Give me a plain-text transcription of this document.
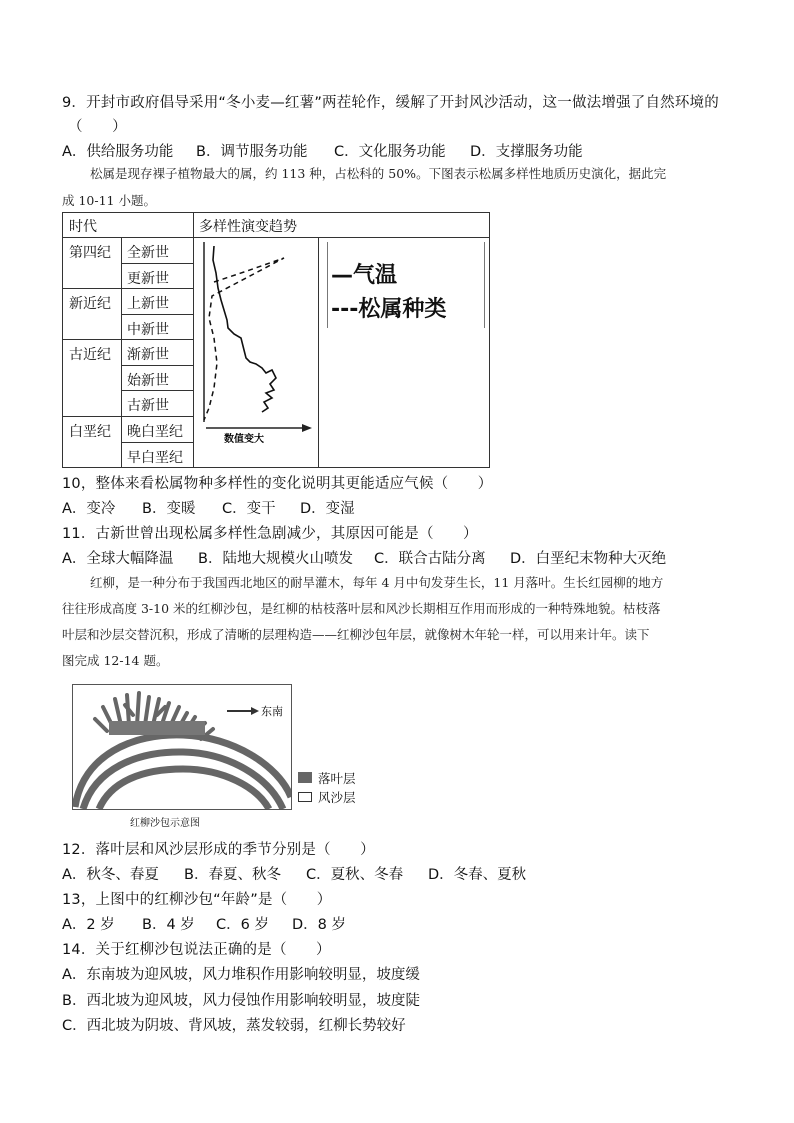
9．开封市政府倡导采用“冬小麦—红薯”两茬轮作，缓解了开封风沙活动，这一做法增强了自然环境的
（　　）
A．供给服务功能 B．调节服务功能 C．文化服务功能 D．支撑服务功能
松属是现存裸子植物最大的属，约 113 种，占松科的 50%。下图表示松属多样性地质历史演化，据此完
成 10-11 小题。
时代	多样性演变趋势
第四纪 全新世
更新世
新近纪 上新世
中新世
古近纪 渐新世
始新世
古新世
白垩纪 晚白垩纪
早白垩纪
数值变大
—气温
---松属种类
10，整体来看松属物种多样性的变化说明其更能适应气候（　　）
A．变冷 B．变暖 C．变干 D．变湿
11．古新世曾出现松属多样性急剧减少，其原因可能是（　　）
A．全球大幅降温 B．陆地大规模火山喷发 C．联合古陆分离 D．白垩纪末物种大灭绝
红柳，是一种分布于我国西北地区的耐旱灌木，每年 4 月中旬发芽生长，11 月落叶。生长红园柳的地方
往往形成高度 3-10 米的红柳沙包，是红柳的枯枝落叶层和风沙长期相互作用而形成的一种特殊地貌。枯枝落
叶层和沙层交替沉积，形成了清晰的层理构造——红柳沙包年层，就像树木年轮一样，可以用来计年。读下
图完成 12-14 题。
东南
落叶层
风沙层
红柳沙包示意图
12．落叶层和风沙层形成的季节分别是（　　）
A．秋冬、春夏 B．春夏、秋冬 C．夏秋、冬春 D．冬春、夏秋
13，上图中的红柳沙包“年龄”是（　　）
A．2 岁 B．4 岁 C．6 岁 D．8 岁
14．关于红柳沙包说法正确的是（　　）
A．东南坡为迎风坡，风力堆积作用影响较明显，坡度缓
B．西北坡为迎风坡，风力侵蚀作用影响较明显，坡度陡
C．西北坡为阴坡、背风坡，蒸发较弱，红柳长势较好
